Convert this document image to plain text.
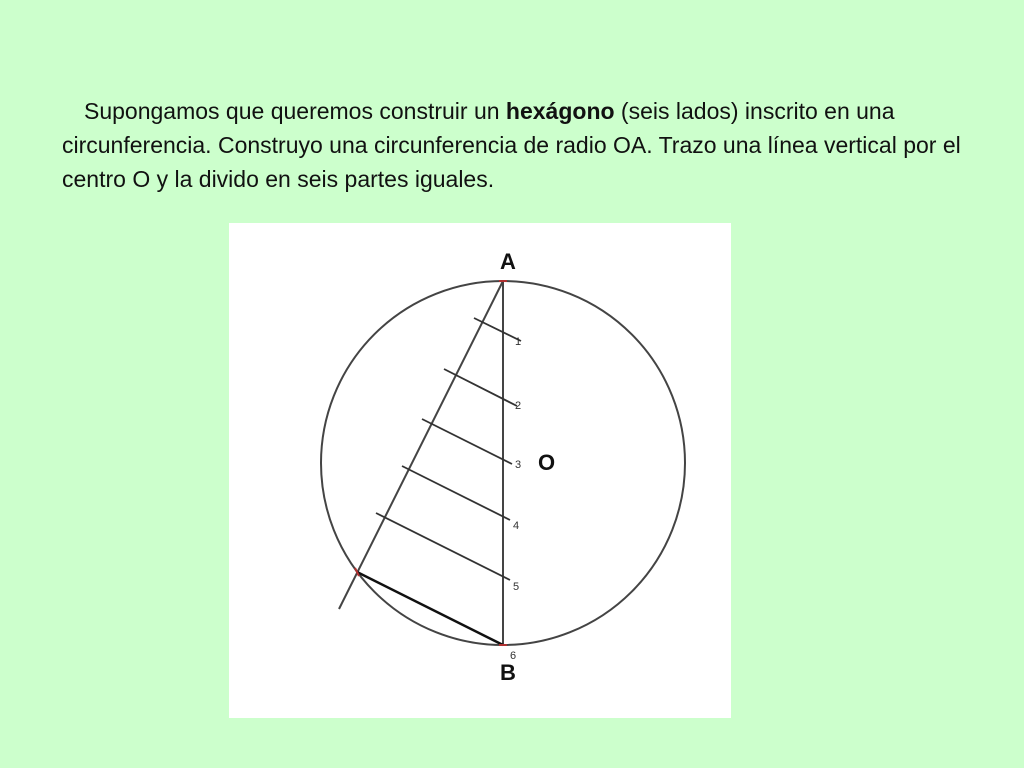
Supongamos que queremos construir un hexágono (seis lados) inscrito en una circunferencia. Construyo una circunferencia de radio OA. Trazo una línea vertical por el centro O y la divido en seis partes iguales.

1
2
3
4
5
6
A
O
B
